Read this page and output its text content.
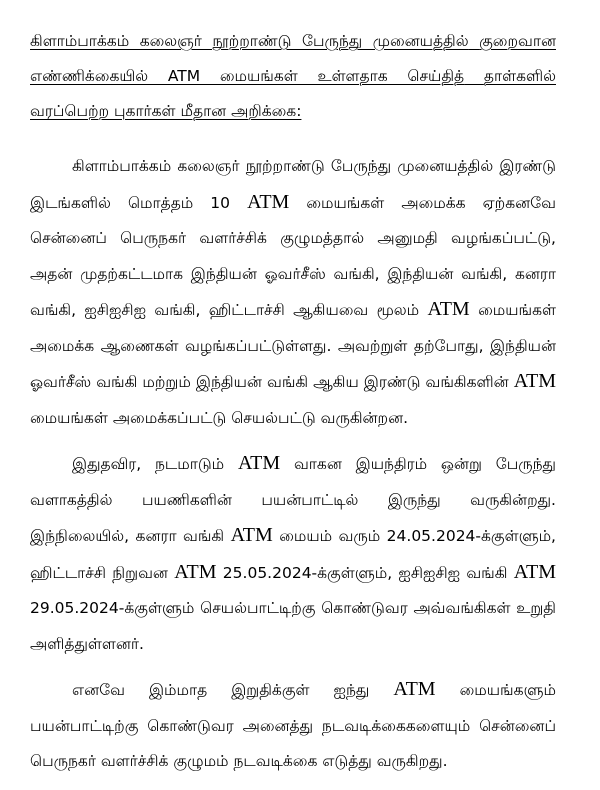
கிளாம்பாக்கம் கலைஞர் நூற்றாண்டு பேருந்து முனையத்தில் குறைவான எண்ணிக்கையில் ATM மையங்கள் உள்ளதாக செய்தித் தாள்களில் வரப்பெற்ற புகார்கள் மீதான அறிக்கை:

கிளாம்பாக்கம் கலைஞர் நூற்றாண்டு பேருந்து முனையத்தில் இரண்டு இடங்களில் மொத்தம் 10 ATM மையங்கள் அமைக்க ஏற்கனவே சென்னைப் பெருநகர் வளர்ச்சிக் குழுமத்தால் அனுமதி வழங்கப்பட்டு, அதன் முதற்கட்டமாக இந்தியன் ஓவர்சீஸ் வங்கி, இந்தியன் வங்கி, கனரா வங்கி, ஐசிஐசிஐ வங்கி, ஹிட்டாச்சி ஆகியவை மூலம் ATM மையங்கள் அமைக்க ஆணைகள் வழங்கப்பட்டுள்ளது. அவற்றுள் தற்போது, இந்தியன் ஓவர்சீஸ் வங்கி மற்றும் இந்தியன் வங்கி ஆகிய இரண்டு வங்கிகளின் ATM மையங்கள் அமைக்கப்பட்டு செயல்பட்டு வருகின்றன.

இதுதவிர, நடமாடும் ATM வாகன இயந்திரம் ஒன்று பேருந்து வளாகத்தில் பயணிகளின் பயன்பாட்டில் இருந்து வருகின்றது. இந்நிலையில், கனரா வங்கி ATM மையம் வரும் 24.05.2024-க்குள்ளும், ஹிட்டாச்சி நிறுவன ATM 25.05.2024-க்குள்ளும், ஐசிஐசிஐ வங்கி ATM 29.05.2024-க்குள்ளும் செயல்பாட்டிற்கு கொண்டுவர அவ்வங்கிகள் உறுதி அளித்துள்ளனர்.

எனவே இம்மாத இறுதிக்குள் ஐந்து ATM மையங்களும் பயன்பாட்டிற்கு கொண்டுவர அனைத்து நடவடிக்கைகளையும் சென்னைப் பெருநகர் வளர்ச்சிக் குழுமம் நடவடிக்கை எடுத்து வருகிறது.
